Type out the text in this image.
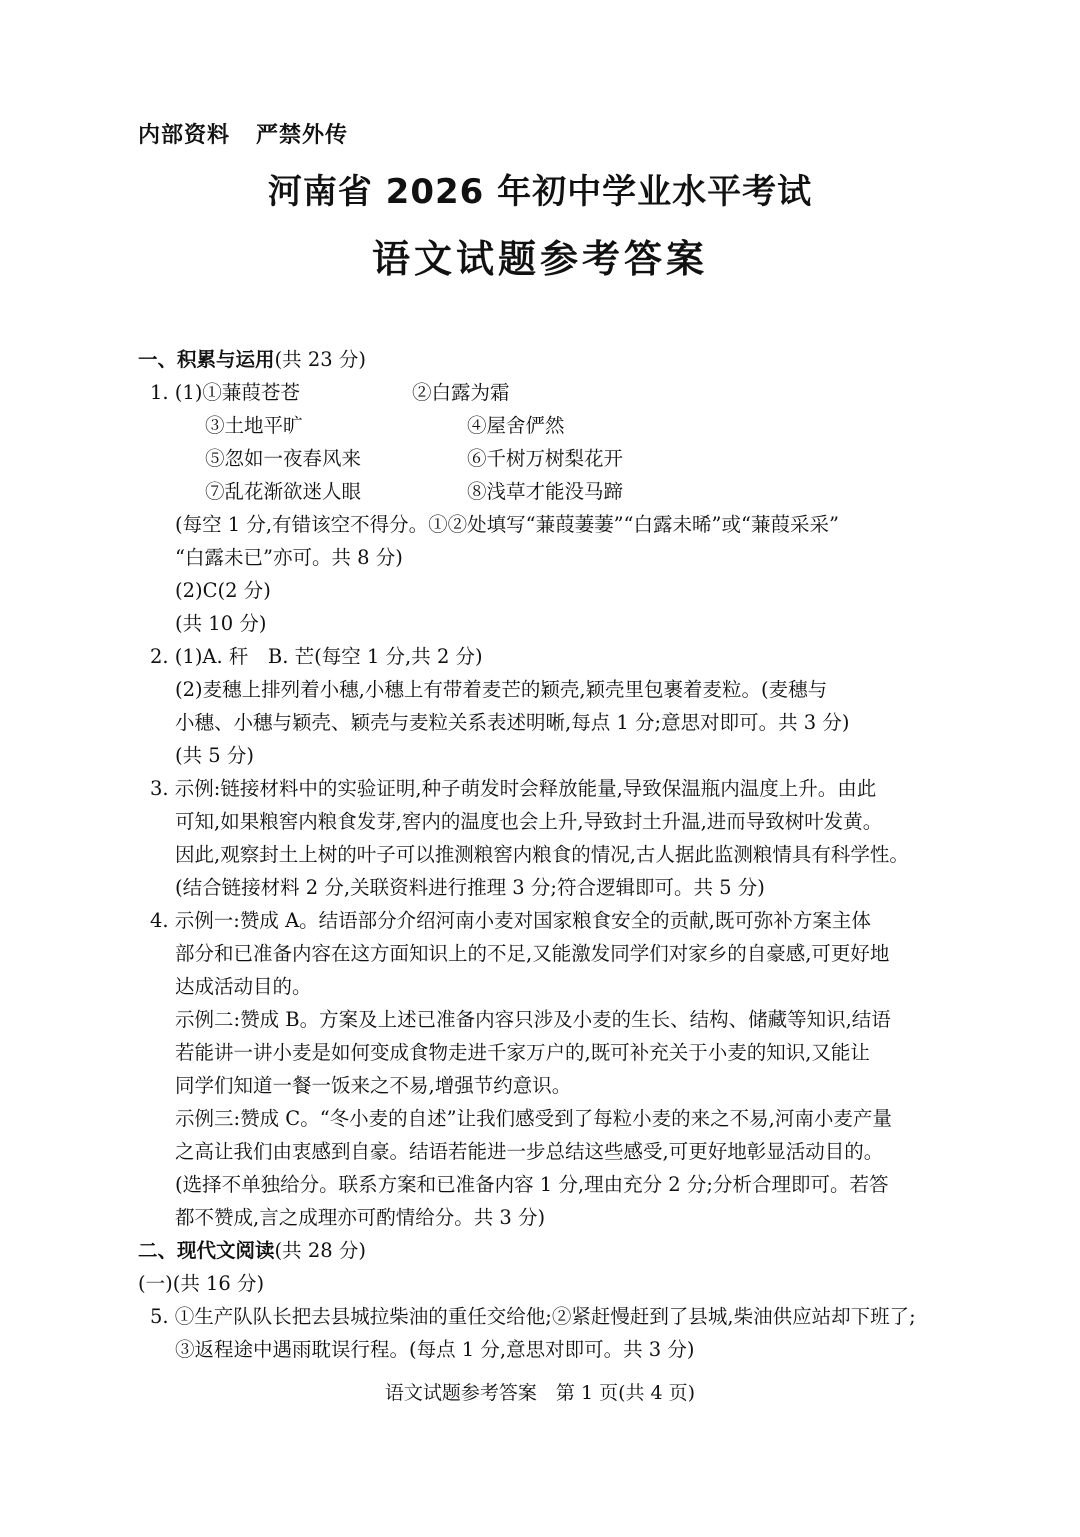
内部资料 严禁外传
河南省 2026 年初中学业水平考试
语文试题参考答案
一、积累与运用(共 23 分)
1. (1)①蒹葭苍苍	②白露为霜
③土地平旷	④屋舍俨然
⑤忽如一夜春风来	⑥千树万树梨花开
⑦乱花渐欲迷人眼	⑧浅草才能没马蹄
(每空 1 分,有错该空不得分。①②处填写“蒹葭萋萋”“白露未晞”或“蒹葭采采”
“白露未已”亦可。共 8 分)
(2)C(2 分)
(共 10 分)
2. (1)A. 秆　B. 芒(每空 1 分,共 2 分)
(2)麦穗上排列着小穗,小穗上有带着麦芒的颖壳,颖壳里包裹着麦粒。(麦穗与
小穗、小穗与颖壳、颖壳与麦粒关系表述明晰,每点 1 分;意思对即可。共 3 分)
(共 5 分)
3. 示例:链接材料中的实验证明,种子萌发时会释放能量,导致保温瓶内温度上升。由此
可知,如果粮窖内粮食发芽,窖内的温度也会上升,导致封土升温,进而导致树叶发黄。
因此,观察封土上树的叶子可以推测粮窖内粮食的情况,古人据此监测粮情具有科学性。
(结合链接材料 2 分,关联资料进行推理 3 分;符合逻辑即可。共 5 分)
4. 示例一:赞成 A。结语部分介绍河南小麦对国家粮食安全的贡献,既可弥补方案主体
部分和已准备内容在这方面知识上的不足,又能激发同学们对家乡的自豪感,可更好地
达成活动目的。
示例二:赞成 B。方案及上述已准备内容只涉及小麦的生长、结构、储藏等知识,结语
若能讲一讲小麦是如何变成食物走进千家万户的,既可补充关于小麦的知识,又能让
同学们知道一餐一饭来之不易,增强节约意识。
示例三:赞成 C。“冬小麦的自述”让我们感受到了每粒小麦的来之不易,河南小麦产量
之高让我们由衷感到自豪。结语若能进一步总结这些感受,可更好地彰显活动目的。
(选择不单独给分。联系方案和已准备内容 1 分,理由充分 2 分;分析合理即可。若答
都不赞成,言之成理亦可酌情给分。共 3 分)
二、现代文阅读(共 28 分)
(一)(共 16 分)
5. ①生产队队长把去县城拉柴油的重任交给他;②紧赶慢赶到了县城,柴油供应站却下班了;
③返程途中遇雨耽误行程。(每点 1 分,意思对即可。共 3 分)
语文试题参考答案　第 1 页(共 4 页)
